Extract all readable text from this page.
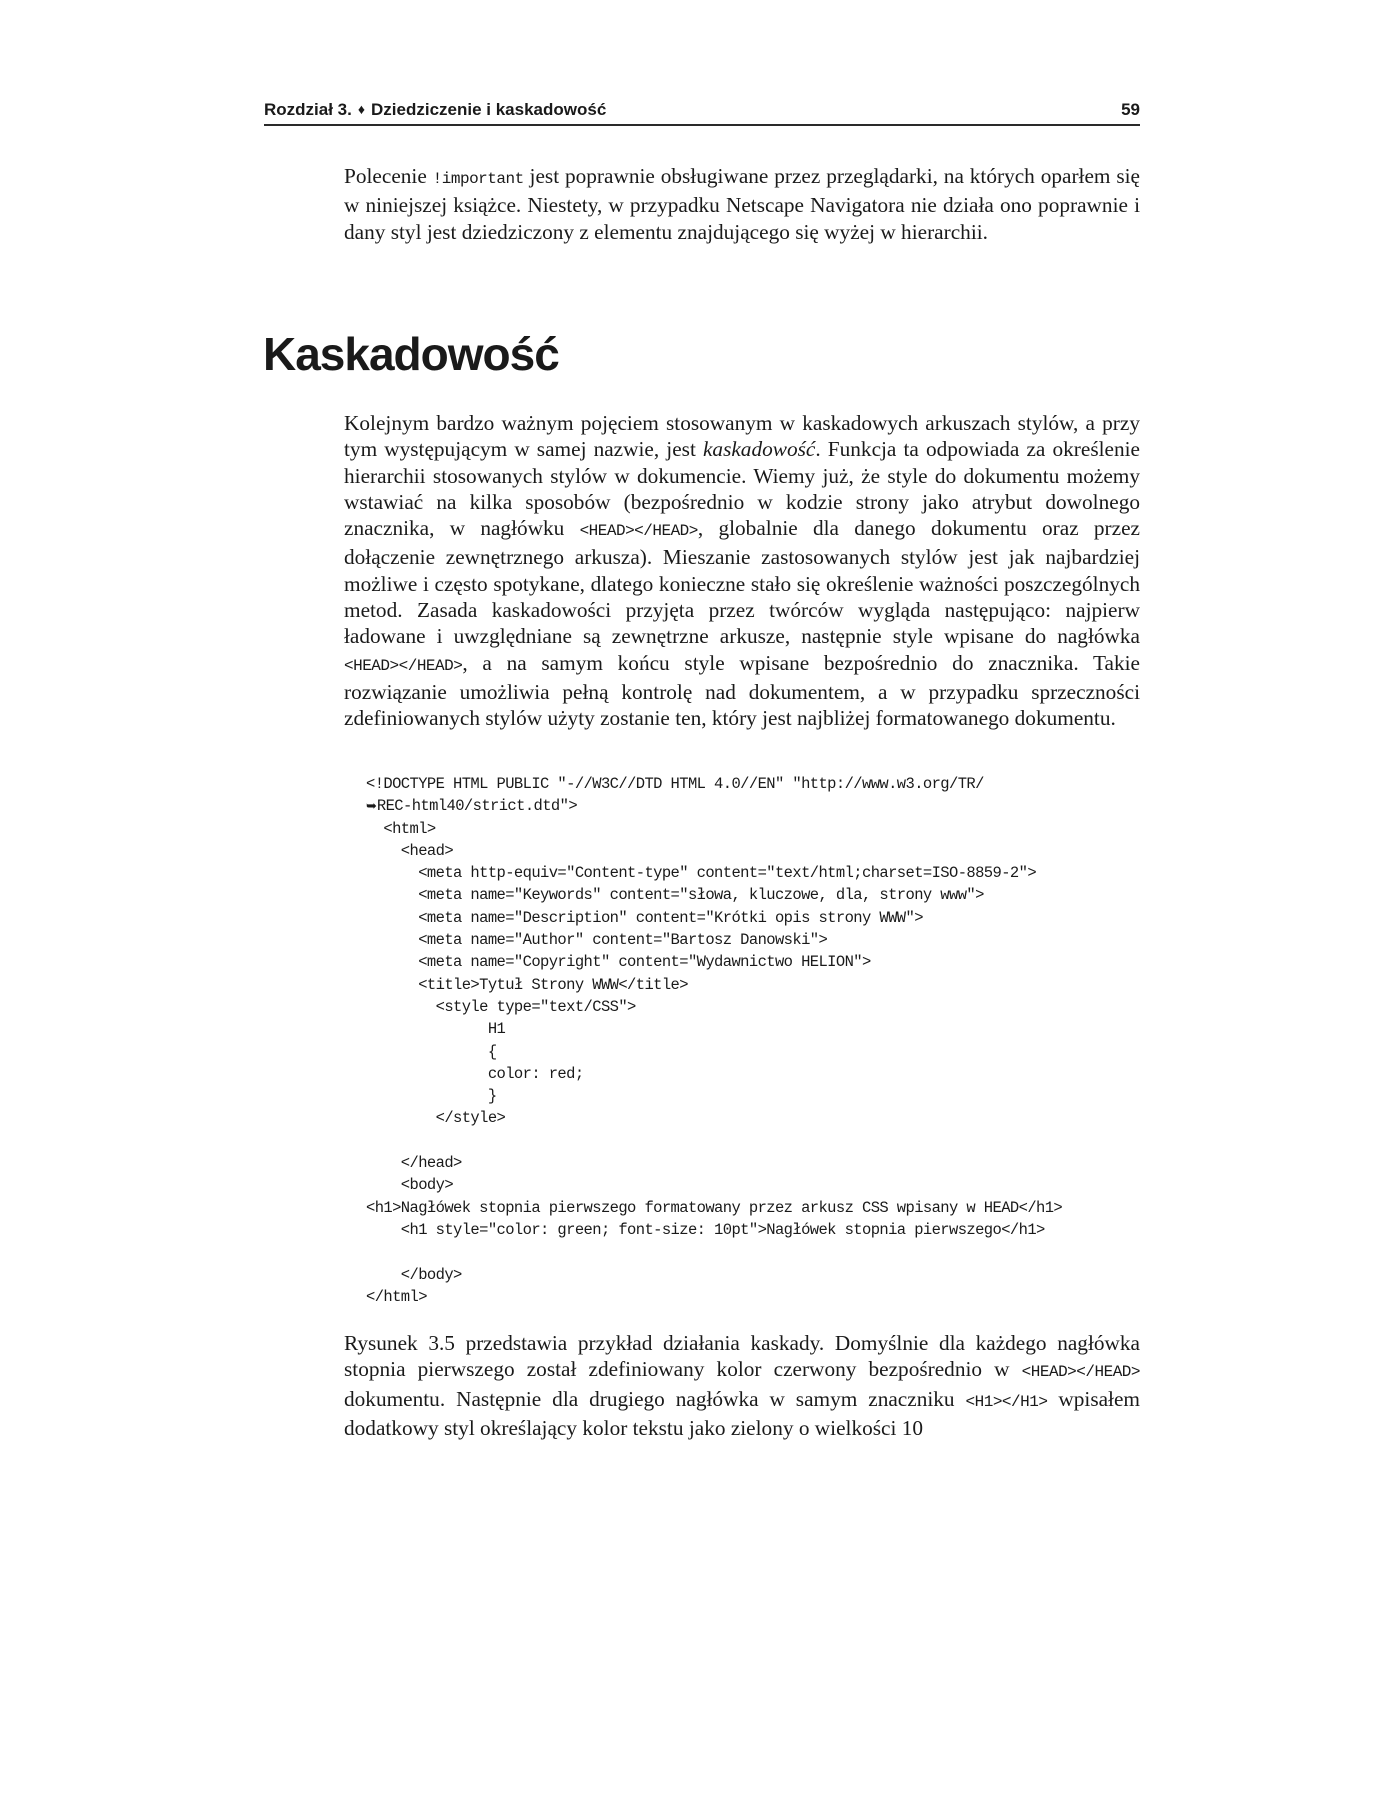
Rozdział 3. ♦ Dziedziczenie i kaskadowość	59

Polecenie !important jest poprawnie obsługiwane przez przeglądarki, na których oparłem się w niniejszej książce. Niestety, w przypadku Netscape Navigatora nie działa ono poprawnie i dany styl jest dziedziczony z elementu znajdującego się wyżej w hierarchii.

Kaskadowość

Kolejnym bardzo ważnym pojęciem stosowanym w kaskadowych arkuszach stylów, a przy tym występującym w samej nazwie, jest kaskadowość. Funkcja ta odpowiada za określenie hierarchii stosowanych stylów w dokumencie. Wiemy już, że style do dokumentu możemy wstawiać na kilka sposobów (bezpośrednio w kodzie strony jako atrybut dowolnego znacznika, w nagłówku <HEAD></HEAD>, globalnie dla danego dokumentu oraz przez dołączenie zewnętrznego arkusza). Mieszanie zastosowanych stylów jest jak najbardziej możliwe i często spotykane, dlatego konieczne stało się określenie ważności poszczególnych metod. Zasada kaskadowości przyjęta przez twórców wygląda następująco: najpierw ładowane i uwzględniane są zewnętrzne arkusze, następnie style wpisane do nagłówka <HEAD></HEAD>, a na samym końcu style wpisane bezpośrednio do znacznika. Takie rozwiązanie umożliwia pełną kontrolę nad dokumentem, a w przypadku sprzeczności zdefiniowanych stylów użyty zostanie ten, który jest najbliżej formatowanego dokumentu.

<!DOCTYPE HTML PUBLIC "-//W3C//DTD HTML 4.0//EN" "http://www.w3.org/TR/
➥REC-html40/strict.dtd">
<html>
<head>
<meta http-equiv="Content-type" content="text/html;charset=ISO-8859-2">
<meta name="Keywords" content="słowa, kluczowe, dla, strony www">
<meta name="Description" content="Krótki opis strony WWW">
<meta name="Author" content="Bartosz Danowski">
<meta name="Copyright" content="Wydawnictwo HELION">
<title>Tytuł Strony WWW</title>
<style type="text/CSS">
H1
{
color: red;
}
</style>
</head>
<body>
<h1>Nagłówek stopnia pierwszego formatowany przez arkusz CSS wpisany w HEAD</h1>
<h1 style="color: green; font-size: 10pt">Nagłówek stopnia pierwszego</h1>
</body>
</html>

Rysunek 3.5 przedstawia przykład działania kaskady. Domyślnie dla każdego nagłówka stopnia pierwszego został zdefiniowany kolor czerwony bezpośrednio w <HEAD></HEAD> dokumentu. Następnie dla drugiego nagłówka w samym znaczniku <H1></H1> wpisałem dodatkowy styl określający kolor tekstu jako zielony o wielkości 10
